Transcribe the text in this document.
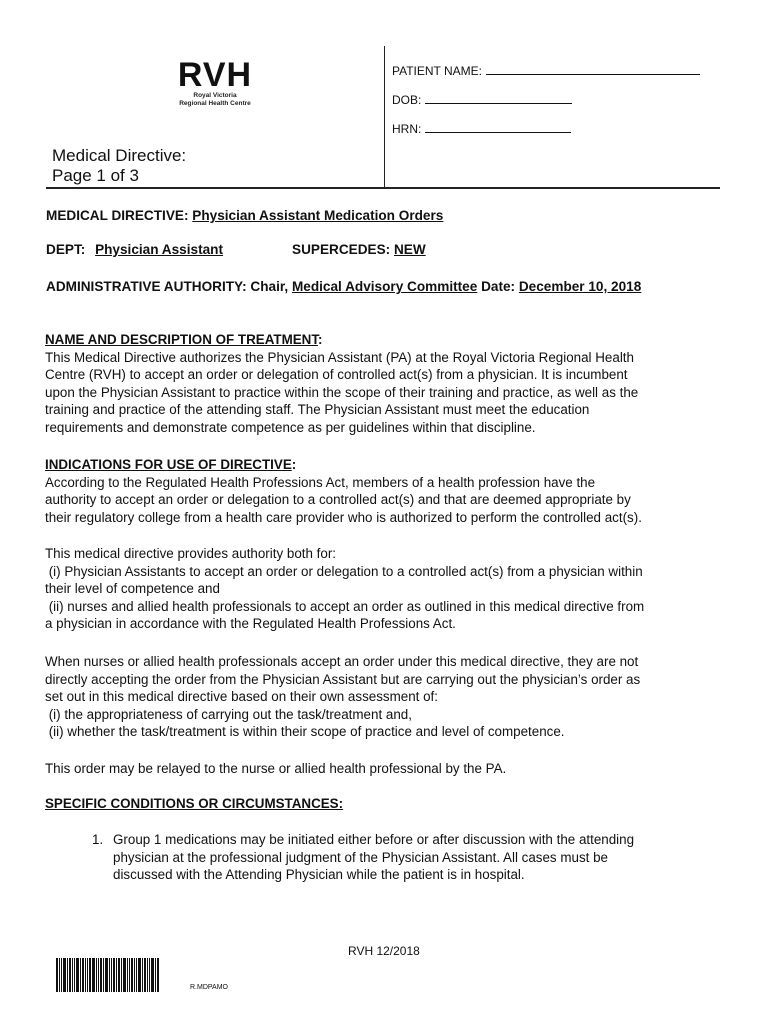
RVH
Royal Victoria
Regional Health Centre
PATIENT NAME:
DOB:
HRN:
Medical Directive:
Page 1 of 3
MEDICAL DIRECTIVE: Physician Assistant Medication Orders
DEPT: Physician Assistant	SUPERCEDES: NEW
ADMINISTRATIVE AUTHORITY: Chair, Medical Advisory Committee Date: December 10, 2018
NAME AND DESCRIPTION OF TREATMENT:
This Medical Directive authorizes the Physician Assistant (PA) at the Royal Victoria Regional Health
Centre (RVH) to accept an order or delegation of controlled act(s) from a physician. It is incumbent
upon the Physician Assistant to practice within the scope of their training and practice, as well as the
training and practice of the attending staff. The Physician Assistant must meet the education
requirements and demonstrate competence as per guidelines within that discipline.
INDICATIONS FOR USE OF DIRECTIVE:
According to the Regulated Health Professions Act, members of a health profession have the
authority to accept an order or delegation to a controlled act(s) and that are deemed appropriate by
their regulatory college from a health care provider who is authorized to perform the controlled act(s).
This medical directive provides authority both for:
(i) Physician Assistants to accept an order or delegation to a controlled act(s) from a physician within
their level of competence and
(ii) nurses and allied health professionals to accept an order as outlined in this medical directive from
a physician in accordance with the Regulated Health Professions Act.
When nurses or allied health professionals accept an order under this medical directive, they are not
directly accepting the order from the Physician Assistant but are carrying out the physician’s order as
set out in this medical directive based on their own assessment of:
(i) the appropriateness of carrying out the task/treatment and,
(ii) whether the task/treatment is within their scope of practice and level of competence.
This order may be relayed to the nurse or allied health professional by the PA.
SPECIFIC CONDITIONS OR CIRCUMSTANCES:
1. Group 1 medications may be initiated either before or after discussion with the attending
physician at the professional judgment of the Physician Assistant. All cases must be
discussed with the Attending Physician while the patient is in hospital.
RVH 12/2018
R.MDPAMO
